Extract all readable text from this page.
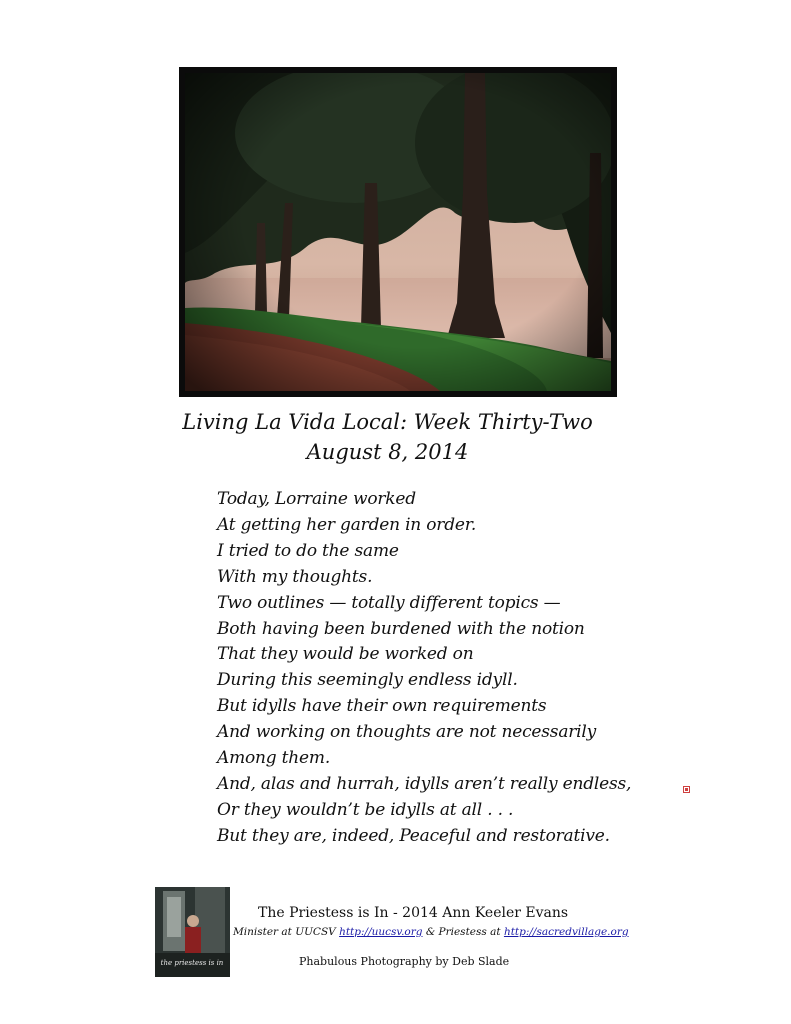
Living La Vida Local: Week Thirty-Two
August 8, 2014
Today, Lorraine worked
At getting her garden in order.
I tried to do the same
With my thoughts.
Two outlines — totally different topics —
Both having been burdened with the notion
That they would be worked on
During this seemingly endless idyll.
But idylls have their own requirements
And working on thoughts are not necessarily
Among them.
And, alas and hurrah, idylls aren’t really endless,
Or they wouldn’t be idylls at all . . .
But they are, indeed, Peaceful and restorative.
the priestess is in
The Priestess is In - 2014 Ann Keeler Evans
Minister at UUCSV http://uucsv.org & Priestess at http://sacredvillage.org
Phabulous Photography by Deb Slade
